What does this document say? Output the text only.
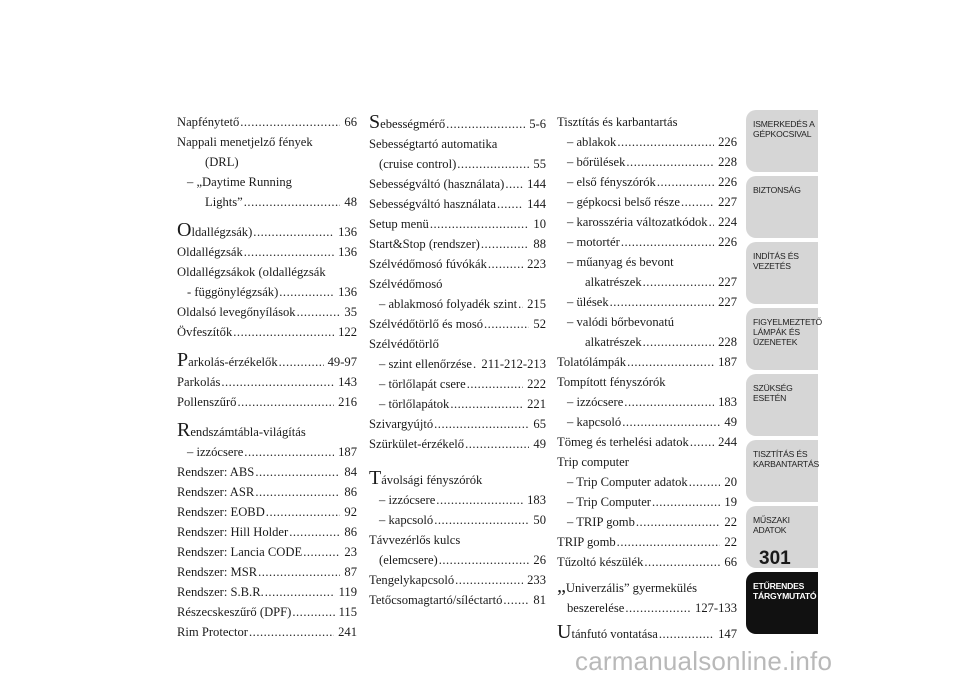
Napfénytető .....	66
Nappali menetjelző fények
(DRL)
– „Daytime Running
Lights” .....	48
Oldallégzsák) .....	136
Oldallégzsák .....	136
Oldallégzsákok (oldallégzsák
- függönylégzsák) .....	136
Oldalsó levegőnyílások .....	35
Övfeszítők .....	122
Parkolás-érzékelők .....	49-97
Parkolás .....	143
Pollenszűrő .....	216
Rendszámtábla-világítás
– izzócsere .....	187
Rendszer: ABS .....	84
Rendszer: ASR .....	86
Rendszer: EOBD .....	92
Rendszer: Hill Holder .....	86
Rendszer: Lancia CODE .....	23
Rendszer: MSR .....	87
Rendszer: S.B.R. .....	119
Részecskeszűrő (DPF) .....	115
Rim Protector .....	241
Sebességmérő .....	5-6
Sebességtartó automatika
(cruise control) .....	55
Sebességváltó (használata) ..... 144
Sebességváltó használata ..... 144
Setup menü .....	10
Start&Stop (rendszer) .....	88
Szélvédőmosó fúvókák .....	223
Szélvédőmosó
– ablakmosó folyadék szint ..... 215
Szélvédőtörlő és mosó .....	52
Szélvédőtörlő
– szint ellenőrzése ..... 211-212-213
– törlőlapát csere .....	222
– törlőlapátok .....	221
Szivargyújtó .....	65
Szürkület-érzékelő .....	49
Távolsági fényszórók
– izzócsere .....	183
– kapcsoló .....	50
Távvezérlős kulcs
(elemcsere) .....	26
Tengelykapcsoló .....	233
Tetőcsomagtartó/síléctartó ..... 81
Tisztítás és karbantartás
– ablakok .....	226
– bőrülések .....	228
– első fényszórók .....	226
– gépkocsi belső része .....	227
– karosszéria változatkódok ..... 224
– motortér .....	226
– műanyag és bevont
alkatrészek .....	227
– ülések .....	227
– valódi bőrbevonatú
alkatrészek .....	228
Tolatólámpák .....	187
Tompított fényszórók
– izzócsere .....	183
– kapcsoló .....	49
Tömeg és terhelési adatok ..... 244
Trip computer
– Trip Computer adatok .....	20
– Trip Computer .....	19
– TRIP gomb .....	22
TRIP gomb .....	22
Tűzoltó készülék .....	66
„Univerzális” gyermekülés
beszerelése .....	127-133
Utánfutó vontatása .....	147
ISMERKEDÉS A
GÉPKOCSIVAL
BIZTONSÁG
INDÍTÁS ÉS
VEZETÉS
FIGYELMEZTETŐ
LÁMPÁK ÉS
ÜZENETEK
SZÜKSÉG ESETÉN
TISZTÍTÁS ÉS
KARBANTARTÁS
MŰSZAKI
ADATOK
ETŰRENDES
TÁRGYMUTATÓ
301
carmanualsonline.info
